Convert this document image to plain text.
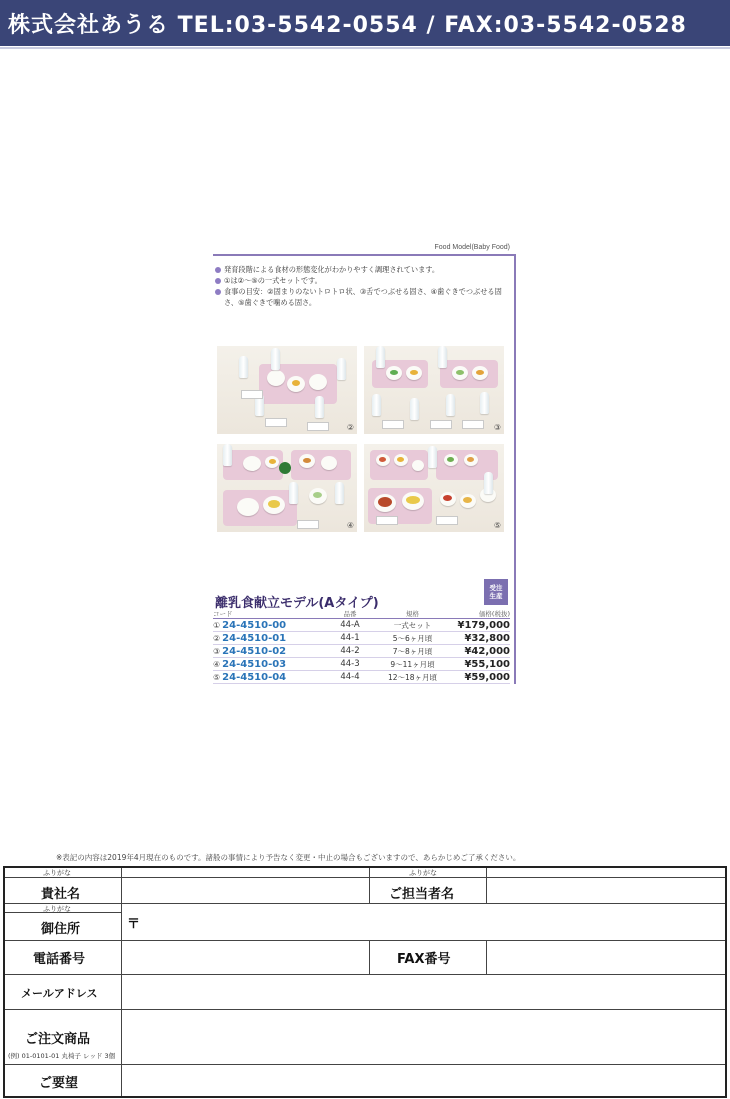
株式会社あうる TEL:03-5542-0554 / FAX:03-5542-0528
Food Model(Baby Food)
発育段階による食材の形態変化がわかりやすく調理されています。
①は②～⑤の一式セットです。
食事の目安：②固まりのないトロトロ状、③舌でつぶせる固さ、④歯ぐきでつぶせる固さ、⑤歯ぐきで噛める固さ。
②	③
④	⑤
離乳食献立モデル(Aタイプ)
受注
生産
コード	品番	規格	価格(税抜)
① 24-4510-00	44-A	一式セット	¥179,000
② 24-4510-01	44-1	5～6ヶ月頃	¥32,800
③ 24-4510-02	44-2	7～8ヶ月頃	¥42,000
④ 24-4510-03	44-3	9～11ヶ月頃	¥55,100
⑤ 24-4510-04	44-4	12～18ヶ月頃	¥59,000
※表記の内容は2019年4月現在のものです。諸般の事情により予告なく変更・中止の場合もございますので、あらかじめご了承ください。
ふりがな	ふりがな
貴社名	ご担当者名
ふりがな
御住所	〒
電話番号	FAX番号
メールアドレス
ご注文商品
(例) 01-0101-01 丸椅子 レッド 3個
ご要望
